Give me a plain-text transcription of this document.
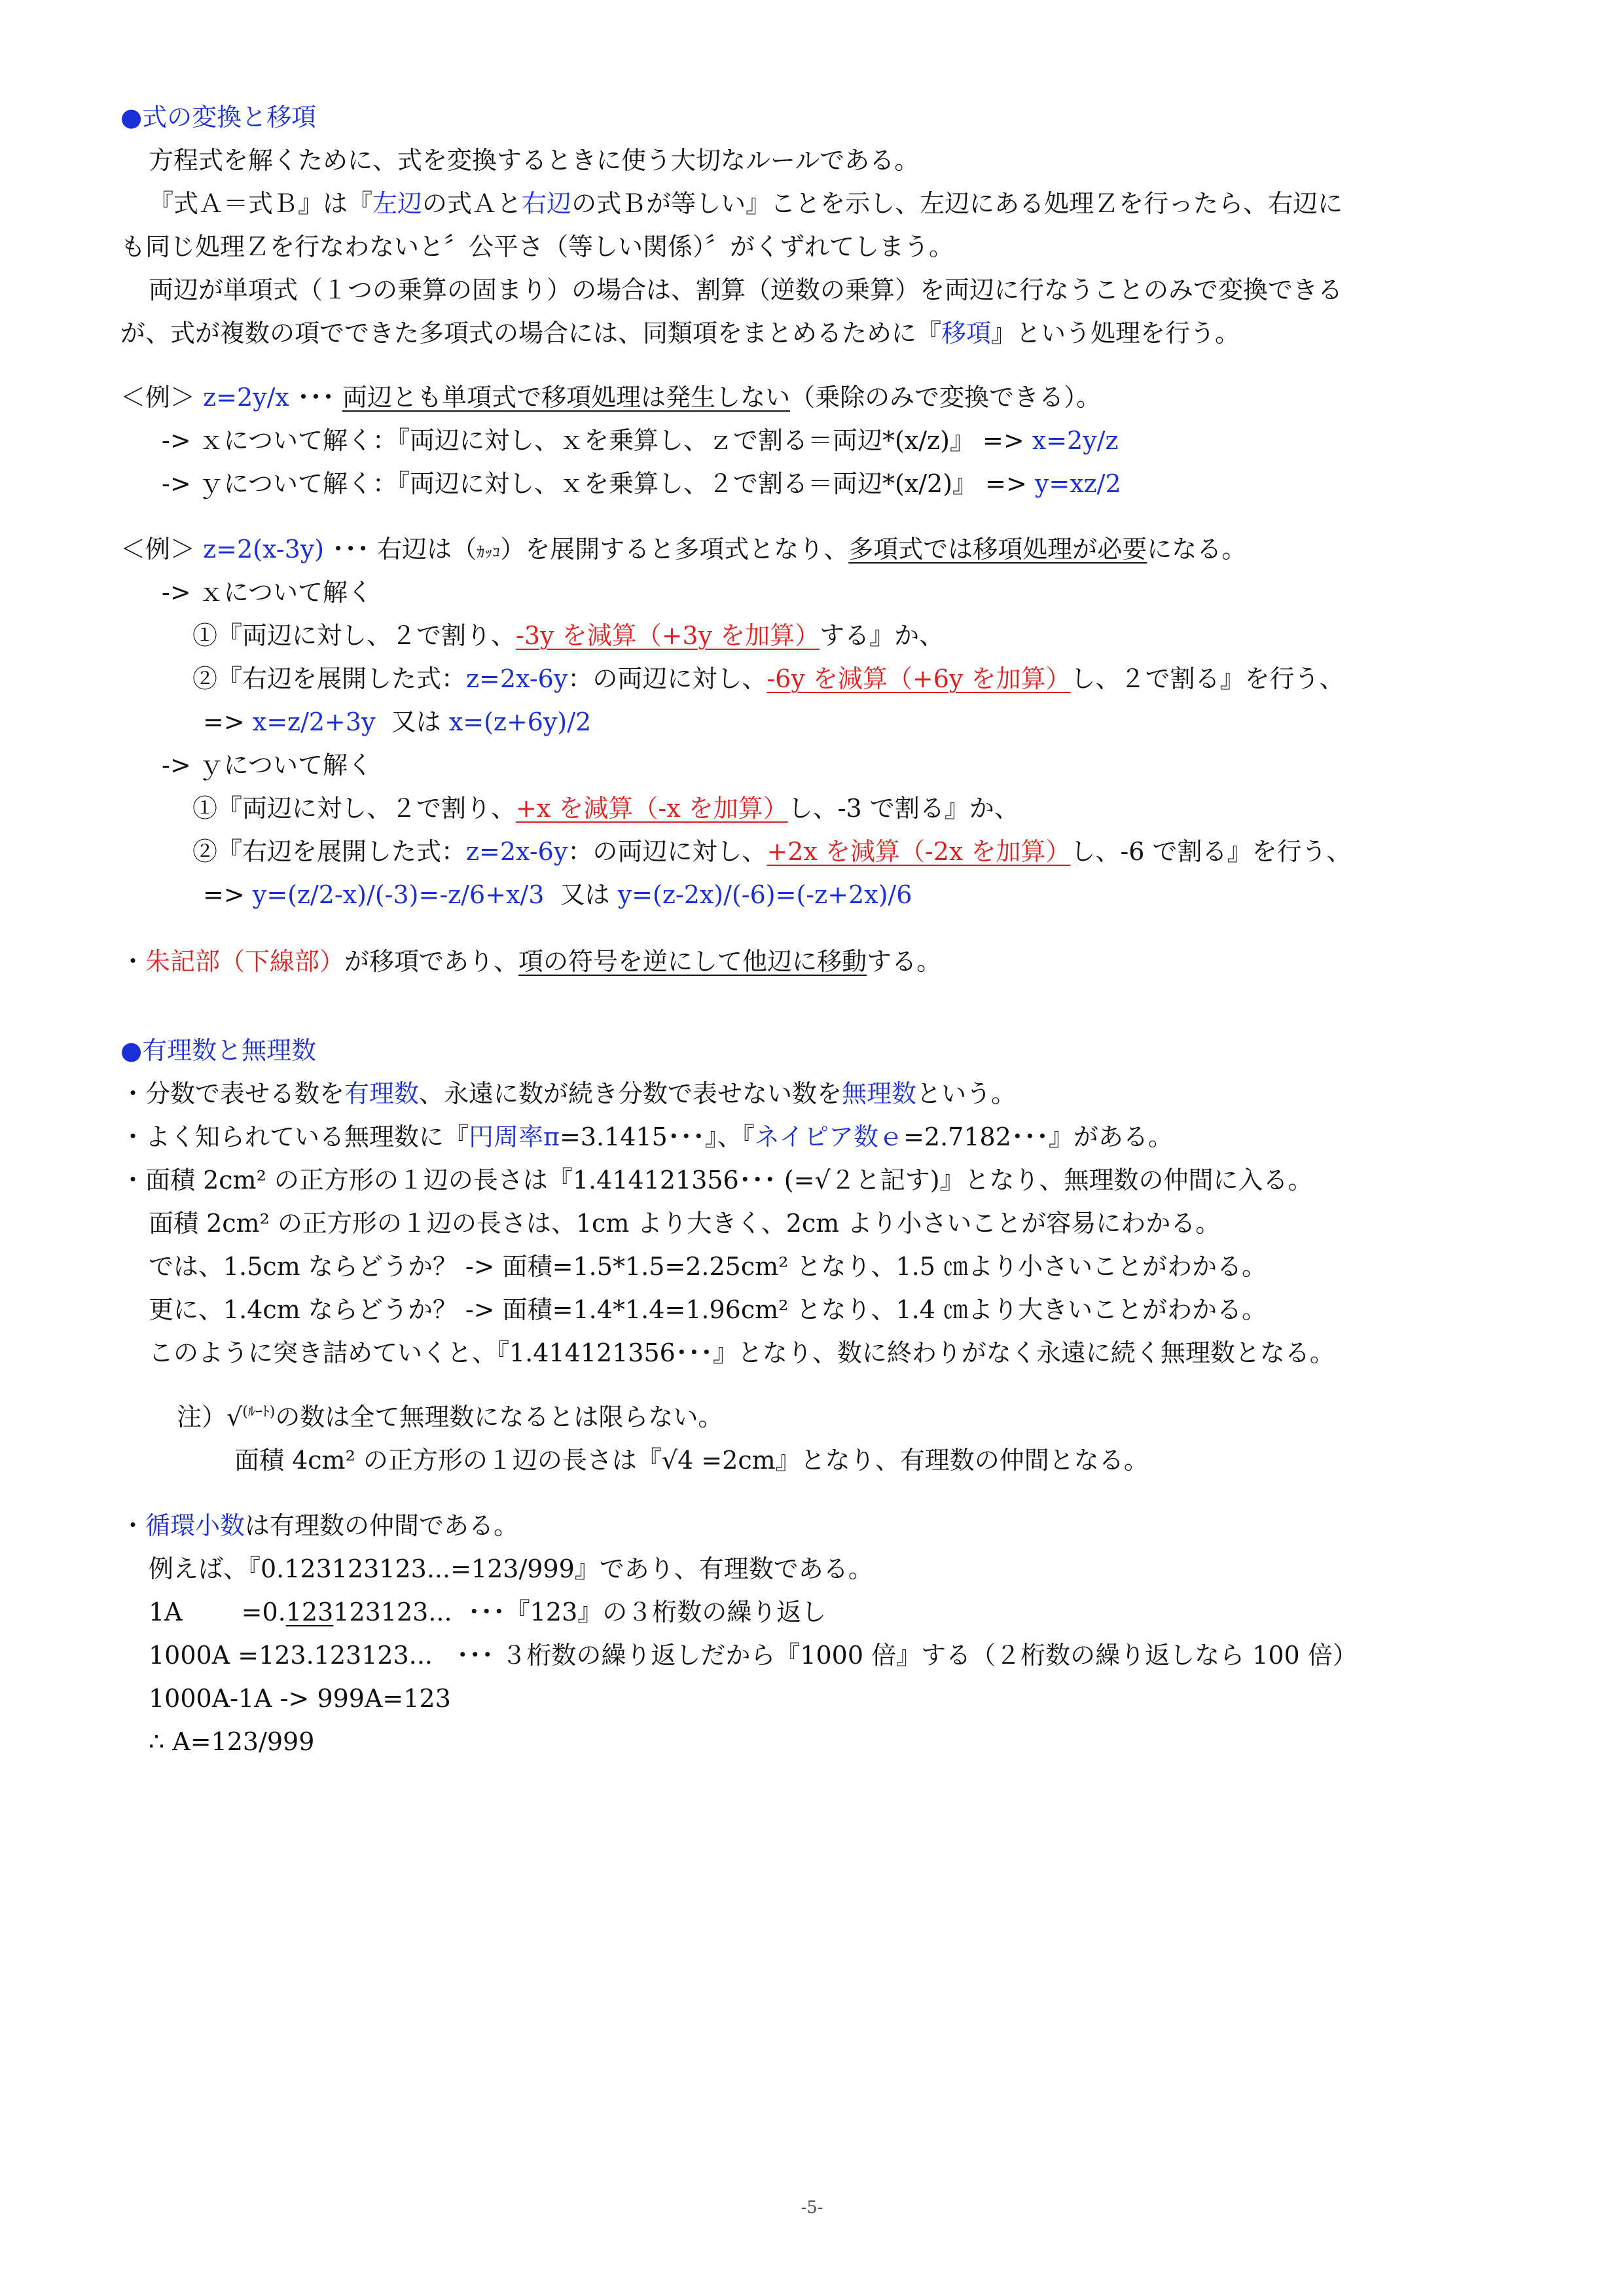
●式の変換と移項
方程式を解くために、式を変換するときに使う大切なルールである。
『式Ａ＝式Ｂ』は『左辺の式Ａと右辺の式Ｂが等しい』ことを示し、左辺にある処理Ｚを行ったら、右辺に
も同じ処理Ｚを行なわないと〞公平さ（等しい関係）〞がくずれてしまう。
両辺が単項式（１つの乗算の固まり）の場合は、割算（逆数の乗算）を両辺に行なうことのみで変換できる
が、式が複数の項でできた多項式の場合には、同類項をまとめるために『移項』という処理を行う。
＜例＞ z=2y/x ･･･ 両辺とも単項式で移項処理は発生しない（乗除のみで変換できる）。
-> ｘについて解く：『両辺に対し、ｘを乗算し、ｚで割る＝両辺*(x/z)』 => x=2y/z
-> ｙについて解く：『両辺に対し、ｘを乗算し、２で割る＝両辺*(x/2)』 => y=xz/2
＜例＞ z=2(x-3y) ･･･ 右辺は（ｶｯｺ）を展開すると多項式となり、多項式では移項処理が必要になる。
-> ｘについて解く
①『両辺に対し、２で割り、-3y を減算（+3y を加算）する』か、
②『右辺を展開した式：z=2x-6y：の両辺に対し、-6y を減算（+6y を加算）し、２で割る』を行う、
=> x=z/2+3y 又は x=(z+6y)/2
-> ｙについて解く
①『両辺に対し、２で割り、+x を減算（-x を加算）し、-3 で割る』か、
②『右辺を展開した式：z=2x-6y：の両辺に対し、+2x を減算（-2x を加算）し、-6 で割る』を行う、
=> y=(z/2-x)/(-3)=-z/6+x/3 又は y=(z-2x)/(-6)=(-z+2x)/6
・朱記部（下線部）が移項であり、項の符号を逆にして他辺に移動する。
●有理数と無理数
・分数で表せる数を有理数、永遠に数が続き分数で表せない数を無理数という。
・よく知られている無理数に『円周率π=3.1415･･･』、『ネイピア数ｅ=2.7182･･･』がある。
・面積 2cm² の正方形の１辺の長さは『1.414121356･･･ (=√２と記す)』となり、無理数の仲間に入る。
面積 2cm² の正方形の１辺の長さは、1cm より大きく、2cm より小さいことが容易にわかる。
では、1.5cm ならどうか？ -> 面積=1.5*1.5=2.25cm² となり、1.5 ㎝より小さいことがわかる。
更に、1.4cm ならどうか？ -> 面積=1.4*1.4=1.96cm² となり、1.4 ㎝より大きいことがわかる。
このように突き詰めていくと、『1.414121356･･･』となり、数に終わりがなく永遠に続く無理数となる。
注）√$^{(ﾙｰﾄ)}$の数は全て無理数になるとは限らない。
面積 4cm² の正方形の１辺の長さは『√4 =2cm』となり、有理数の仲間となる。
・循環小数は有理数の仲間である。
例えば、『0.123123123...=123/999』であり、有理数である。
1A =0.123123123... ･･･『123』の３桁数の繰り返し
1000A =123.123123... ･･･ ３桁数の繰り返しだから『1000 倍』する（２桁数の繰り返しなら 100 倍）
1000A-1A -> 999A=123
∴ A=123/999
-5-
